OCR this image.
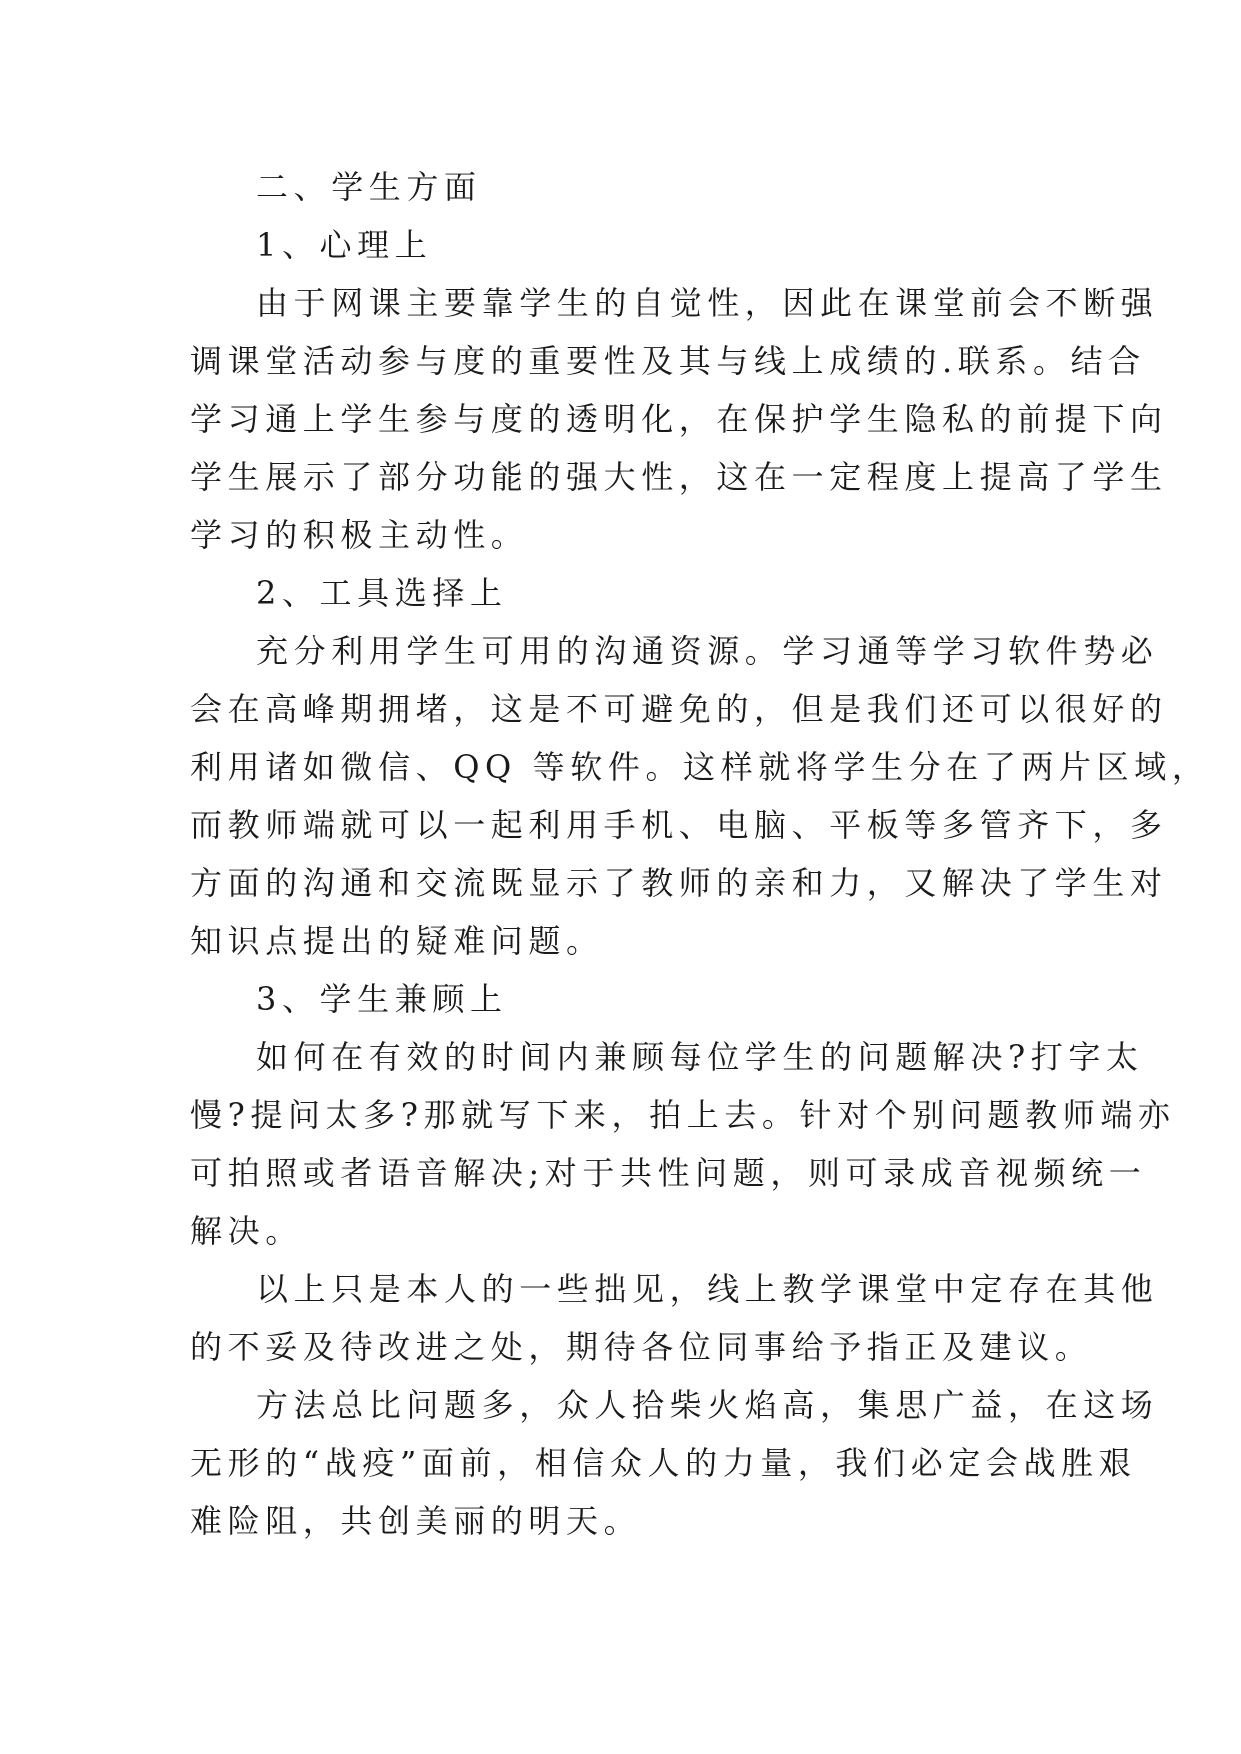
二、学生方面
1、心理上
由于网课主要靠学生的自觉性，因此在课堂前会不断强
调课堂活动参与度的重要性及其与线上成绩的.联系。结合
学习通上学生参与度的透明化，在保护学生隐私的前提下向
学生展示了部分功能的强大性，这在一定程度上提高了学生
学习的积极主动性。
2、工具选择上
充分利用学生可用的沟通资源。学习通等学习软件势必
会在高峰期拥堵，这是不可避免的，但是我们还可以很好的
利用诸如微信、QQ 等软件。这样就将学生分在了两片区域，
而教师端就可以一起利用手机、电脑、平板等多管齐下，多
方面的沟通和交流既显示了教师的亲和力，又解决了学生对
知识点提出的疑难问题。
3、学生兼顾上
如何在有效的时间内兼顾每位学生的问题解决?打字太
慢?提问太多?那就写下来，拍上去。针对个别问题教师端亦
可拍照或者语音解决;对于共性问题，则可录成音视频统一
解决。
以上只是本人的一些拙见，线上教学课堂中定存在其他
的不妥及待改进之处，期待各位同事给予指正及建议。
方法总比问题多，众人拾柴火焰高，集思广益，在这场
无形的“战疫”面前，相信众人的力量，我们必定会战胜艰
难险阻，共创美丽的明天。
